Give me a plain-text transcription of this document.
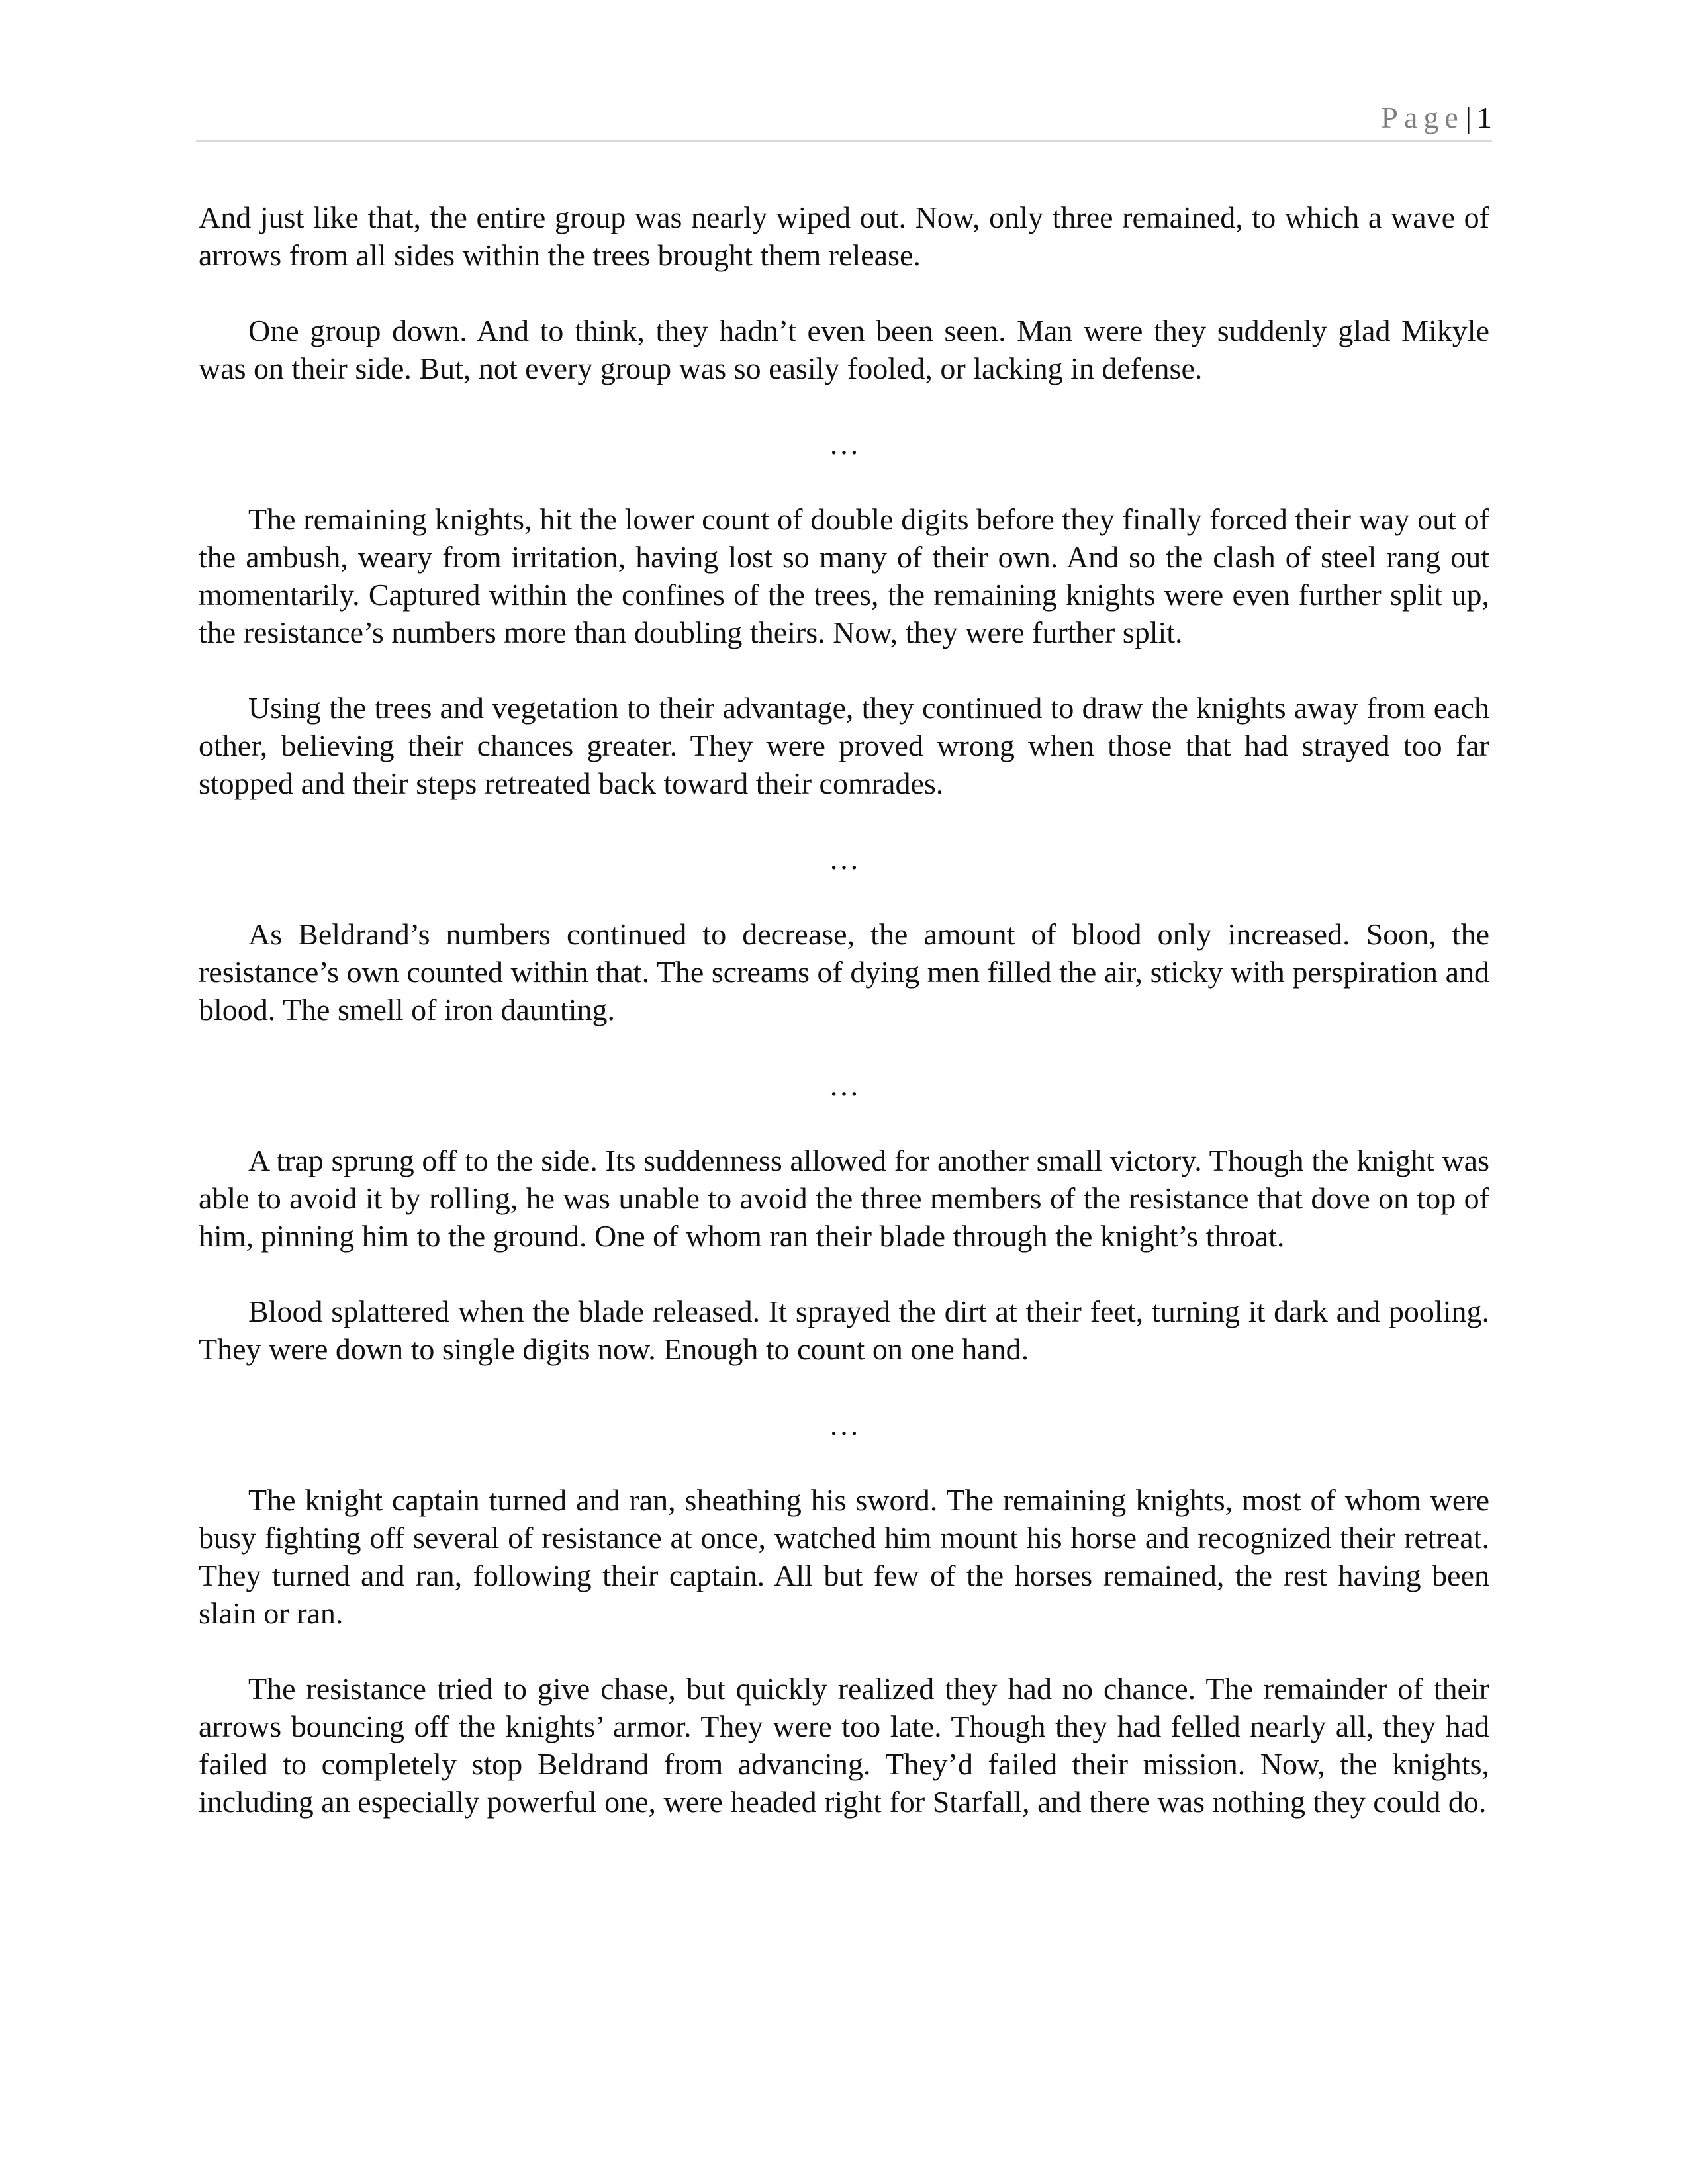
Page| 1

And just like that, the entire group was nearly wiped out. Now, only three remained, to which a wave of arrows from all sides within the trees brought them release.

One group down. And to think, they hadn’t even been seen. Man were they suddenly glad Mikyle was on their side. But, not every group was so easily fooled, or lacking in defense.

…

The remaining knights, hit the lower count of double digits before they finally forced their way out of the ambush, weary from irritation, having lost so many of their own. And so the clash of steel rang out momentarily. Captured within the confines of the trees, the remaining knights were even further split up, the resistance’s numbers more than doubling theirs. Now, they were further split.

Using the trees and vegetation to their advantage, they continued to draw the knights away from each other, believing their chances greater. They were proved wrong when those that had strayed too far stopped and their steps retreated back toward their comrades.

…

As Beldrand’s numbers continued to decrease, the amount of blood only increased. Soon, the resistance’s own counted within that. The screams of dying men filled the air, sticky with perspiration and blood. The smell of iron daunting.

…

A trap sprung off to the side. Its suddenness allowed for another small victory. Though the knight was able to avoid it by rolling, he was unable to avoid the three members of the resistance that dove on top of him, pinning him to the ground. One of whom ran their blade through the knight’s throat.

Blood splattered when the blade released. It sprayed the dirt at their feet, turning it dark and pooling. They were down to single digits now. Enough to count on one hand.

…

The knight captain turned and ran, sheathing his sword. The remaining knights, most of whom were busy fighting off several of resistance at once, watched him mount his horse and recognized their retreat. They turned and ran, following their captain. All but few of the horses remained, the rest having been slain or ran.

The resistance tried to give chase, but quickly realized they had no chance. The remainder of their arrows bouncing off the knights’ armor. They were too late. Though they had felled nearly all, they had failed to completely stop Beldrand from advancing. They’d failed their mission. Now, the knights, including an especially powerful one, were headed right for Starfall, and there was nothing they could do.
